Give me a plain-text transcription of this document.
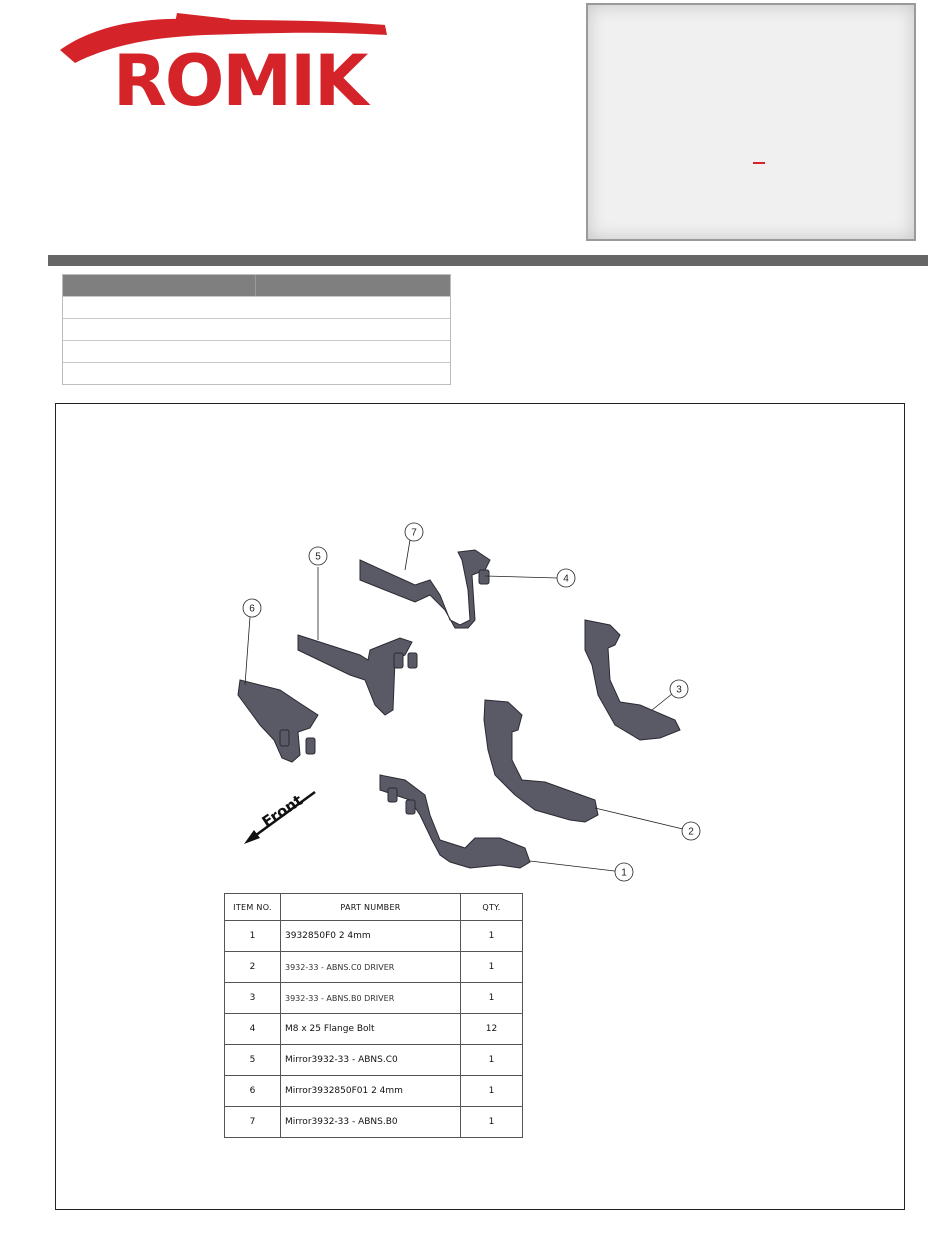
ROMIK
7
4
5
6
3
2
1
Front
ITEM NO.	PART NUMBER	QTY.
1	3932850F0 2 4mm	1
2	3932-33 - ABNS.C0 DRIVER	1
3	3932-33 - ABNS.B0 DRIVER	1
4	M8 x 25 Flange Bolt	12
5	Mirror3932-33 - ABNS.C0	1
6	Mirror3932850F01 2 4mm	1
7	Mirror3932-33 - ABNS.B0	1
